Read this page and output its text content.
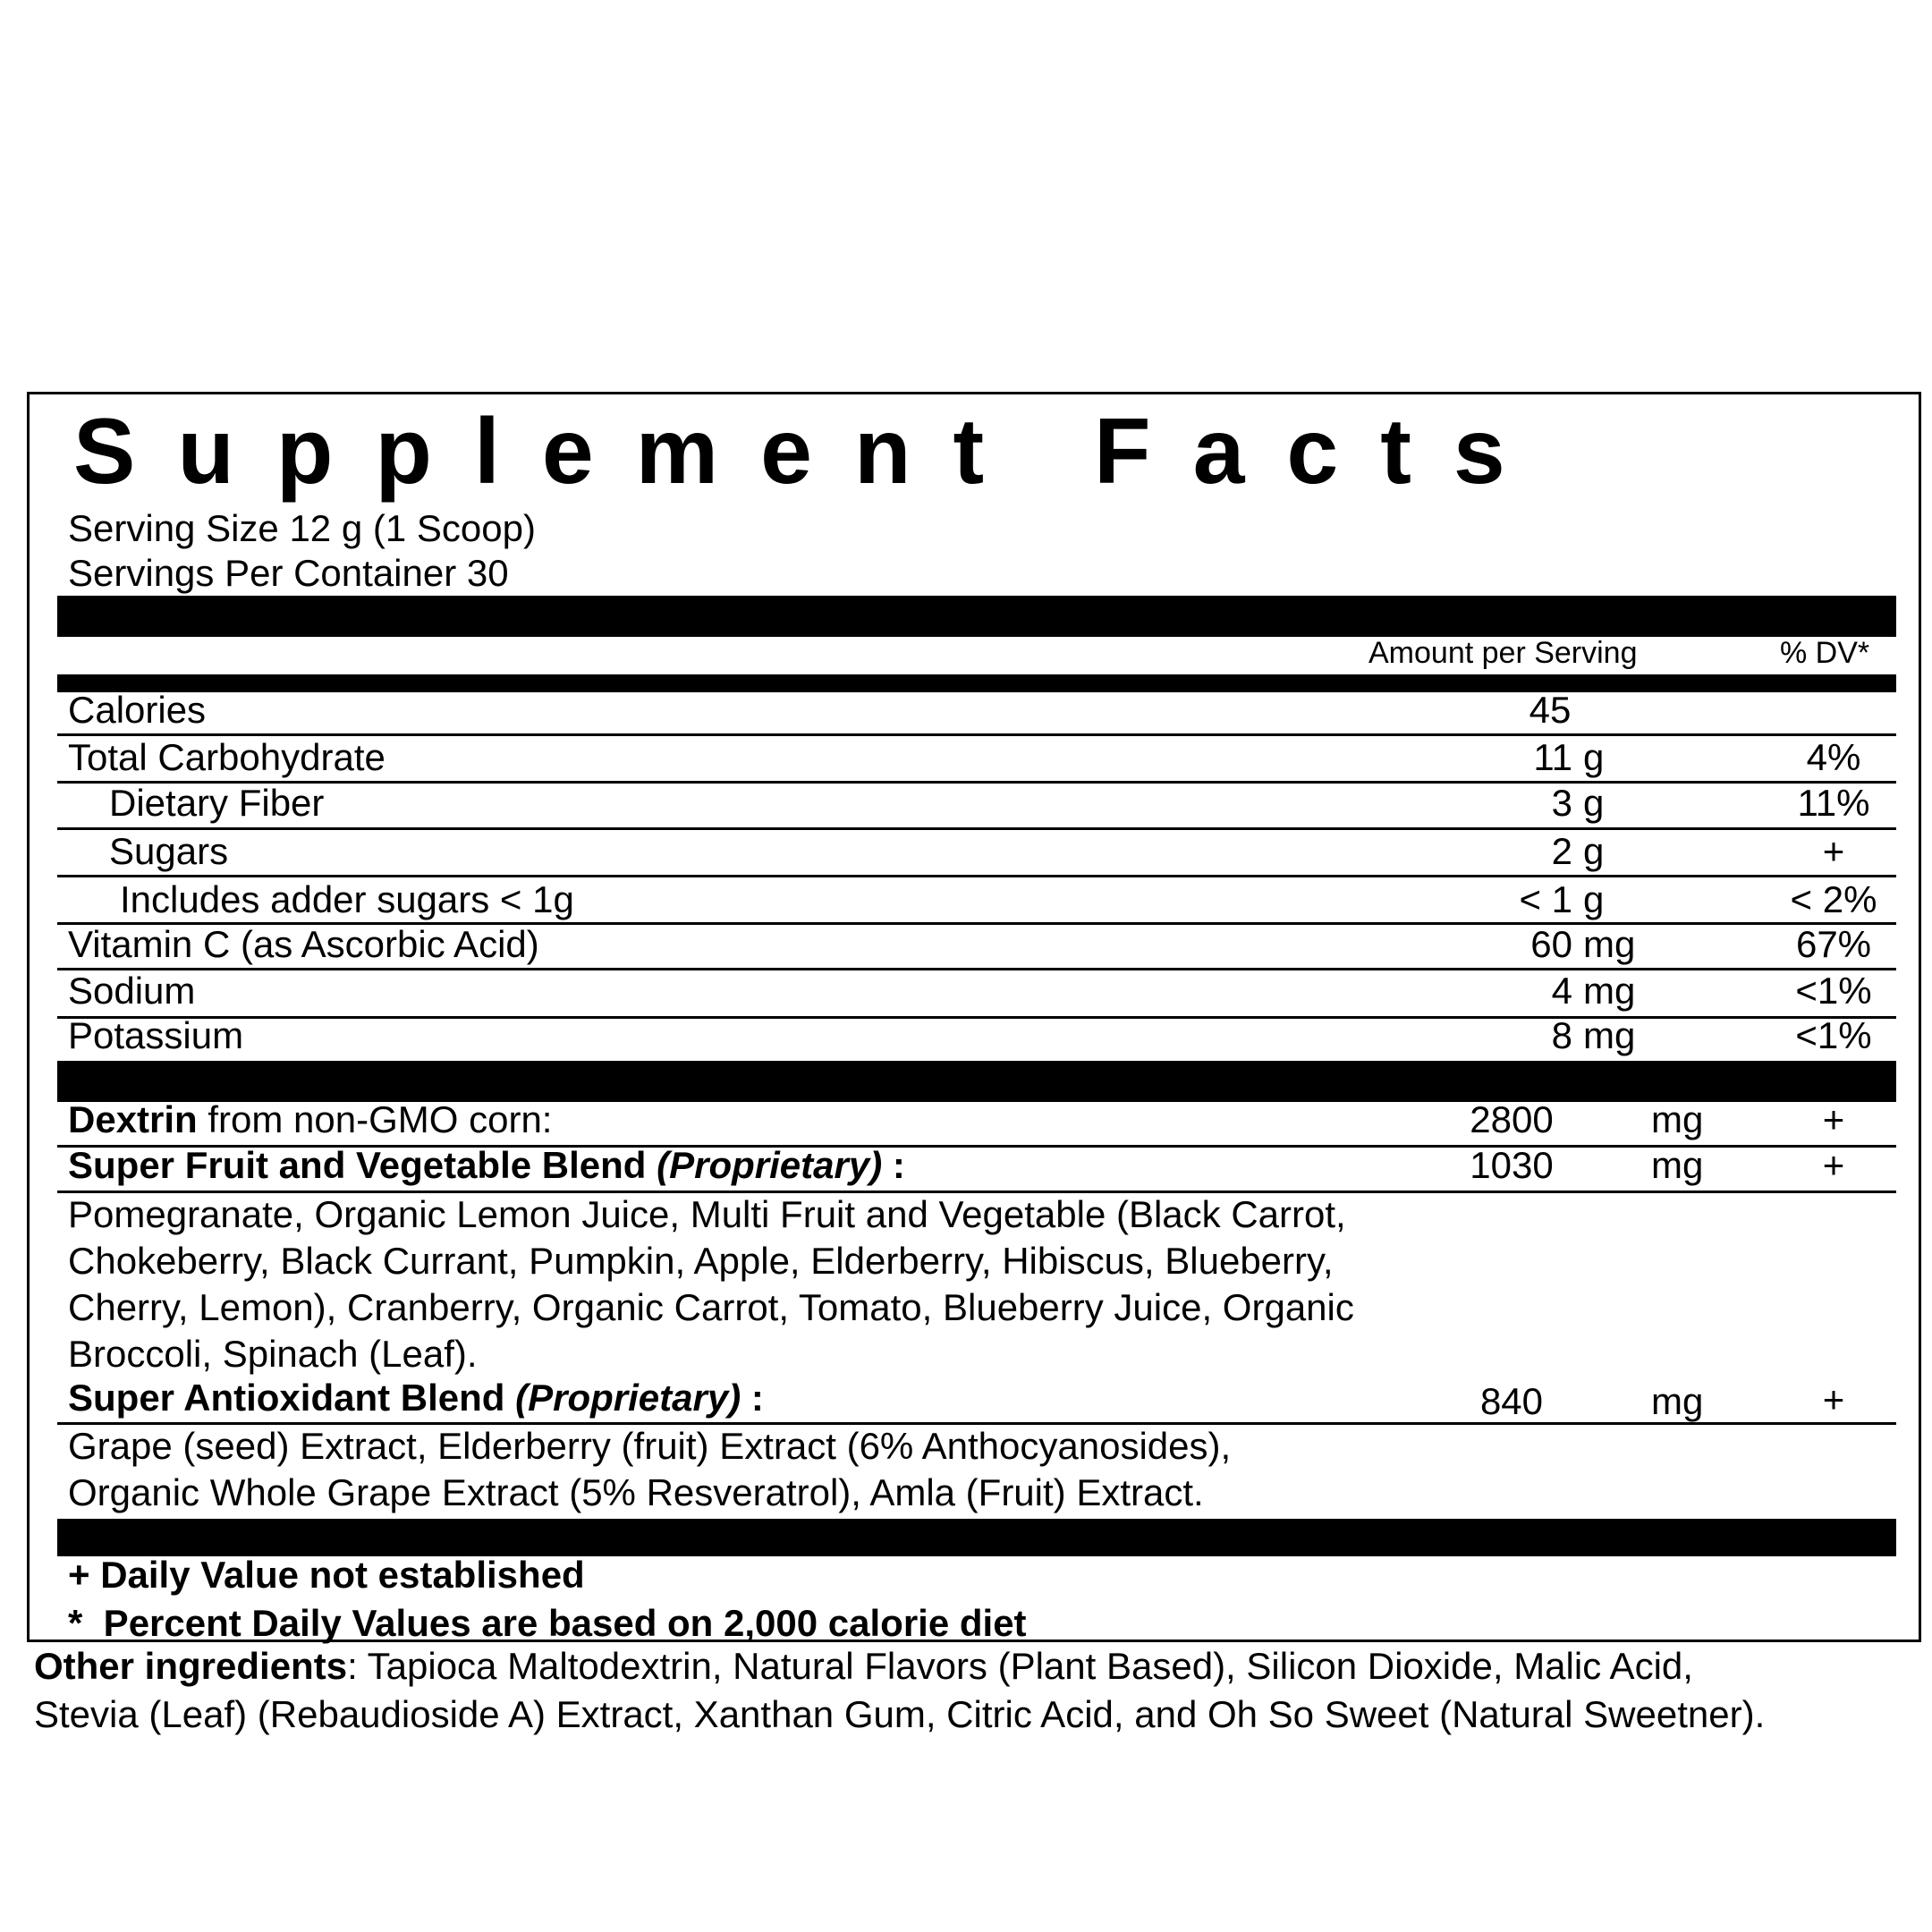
Supplement Facts
Serving Size 12 g (1 Scoop)
Servings Per Container 30
Amount per Serving	% DV*
Calories	45
Total Carbohydrate	11 g	4%
Dietary Fiber	3 g	11%
Sugars	2 g	+
Includes adder sugars < 1g	< 1 g	< 2%
Vitamin C (as Ascorbic Acid)	60 mg	67%
Sodium	4 mg	<1%
Potassium	8 mg	<1%
Dextrin from non-GMO corn:	2800	mg	+
Super Fruit and Vegetable Blend (Proprietary) :	1030	mg	+
Pomegranate, Organic Lemon Juice, Multi Fruit and Vegetable (Black Carrot,
Chokeberry, Black Currant, Pumpkin, Apple, Elderberry, Hibiscus, Blueberry,
Cherry, Lemon), Cranberry, Organic Carrot, Tomato, Blueberry Juice, Organic
Broccoli, Spinach (Leaf).
Super Antioxidant Blend (Proprietary) :	840	mg	+
Grape (seed) Extract, Elderberry (fruit) Extract (6% Anthocyanosides),
Organic Whole Grape Extract (5% Resveratrol), Amla (Fruit) Extract.
+ Daily Value not established
*  Percent Daily Values are based on 2,000 calorie diet
Other ingredients: Tapioca Maltodextrin, Natural Flavors (Plant Based), Silicon Dioxide, Malic Acid,
Stevia (Leaf) (Rebaudioside A) Extract, Xanthan Gum, Citric Acid, and Oh So Sweet (Natural Sweetner).
